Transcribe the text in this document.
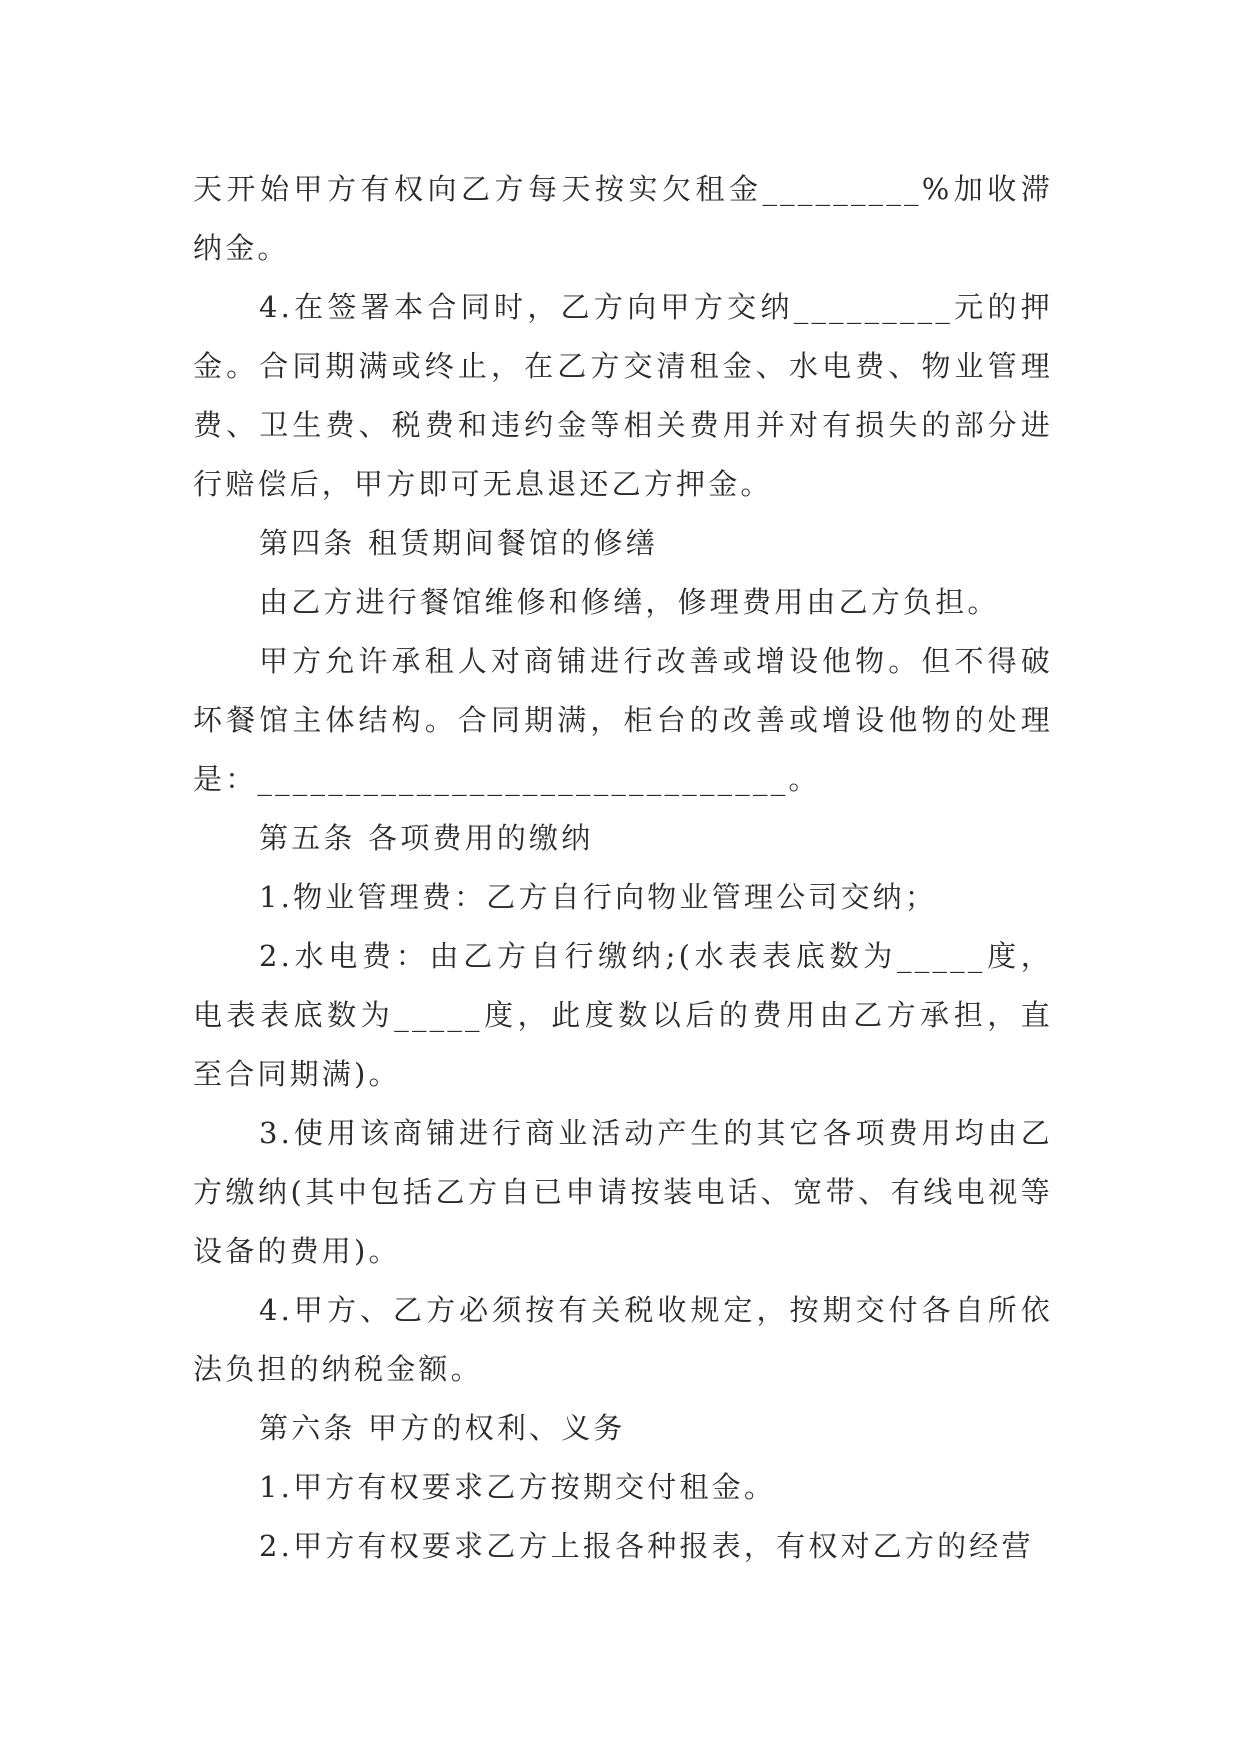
天开始甲方有权向乙方每天按实欠租金_________%加收滞纳金。

4.在签署本合同时，乙方向甲方交纳_________元的押金。合同期满或终止，在乙方交清租金、水电费、物业管理费、卫生费、税费和违约金等相关费用并对有损失的部分进行赔偿后，甲方即可无息退还乙方押金。

第四条 租赁期间餐馆的修缮

由乙方进行餐馆维修和修缮，修理费用由乙方负担。

甲方允许承租人对商铺进行改善或增设他物。但不得破坏餐馆主体结构。合同期满，柜台的改善或增设他物的处理是：______________________________。

第五条 各项费用的缴纳

1.物业管理费：乙方自行向物业管理公司交纳；

2.水电费：由乙方自行缴纳;(水表表底数为_____度，电表表底数为_____度，此度数以后的费用由乙方承担，直至合同期满)。

3.使用该商铺进行商业活动产生的其它各项费用均由乙方缴纳(其中包括乙方自已申请按装电话、宽带、有线电视等设备的费用)。

4.甲方、乙方必须按有关税收规定，按期交付各自所依法负担的纳税金额。

第六条 甲方的权利、义务

1.甲方有权要求乙方按期交付租金。

2.甲方有权要求乙方上报各种报表，有权对乙方的经营
